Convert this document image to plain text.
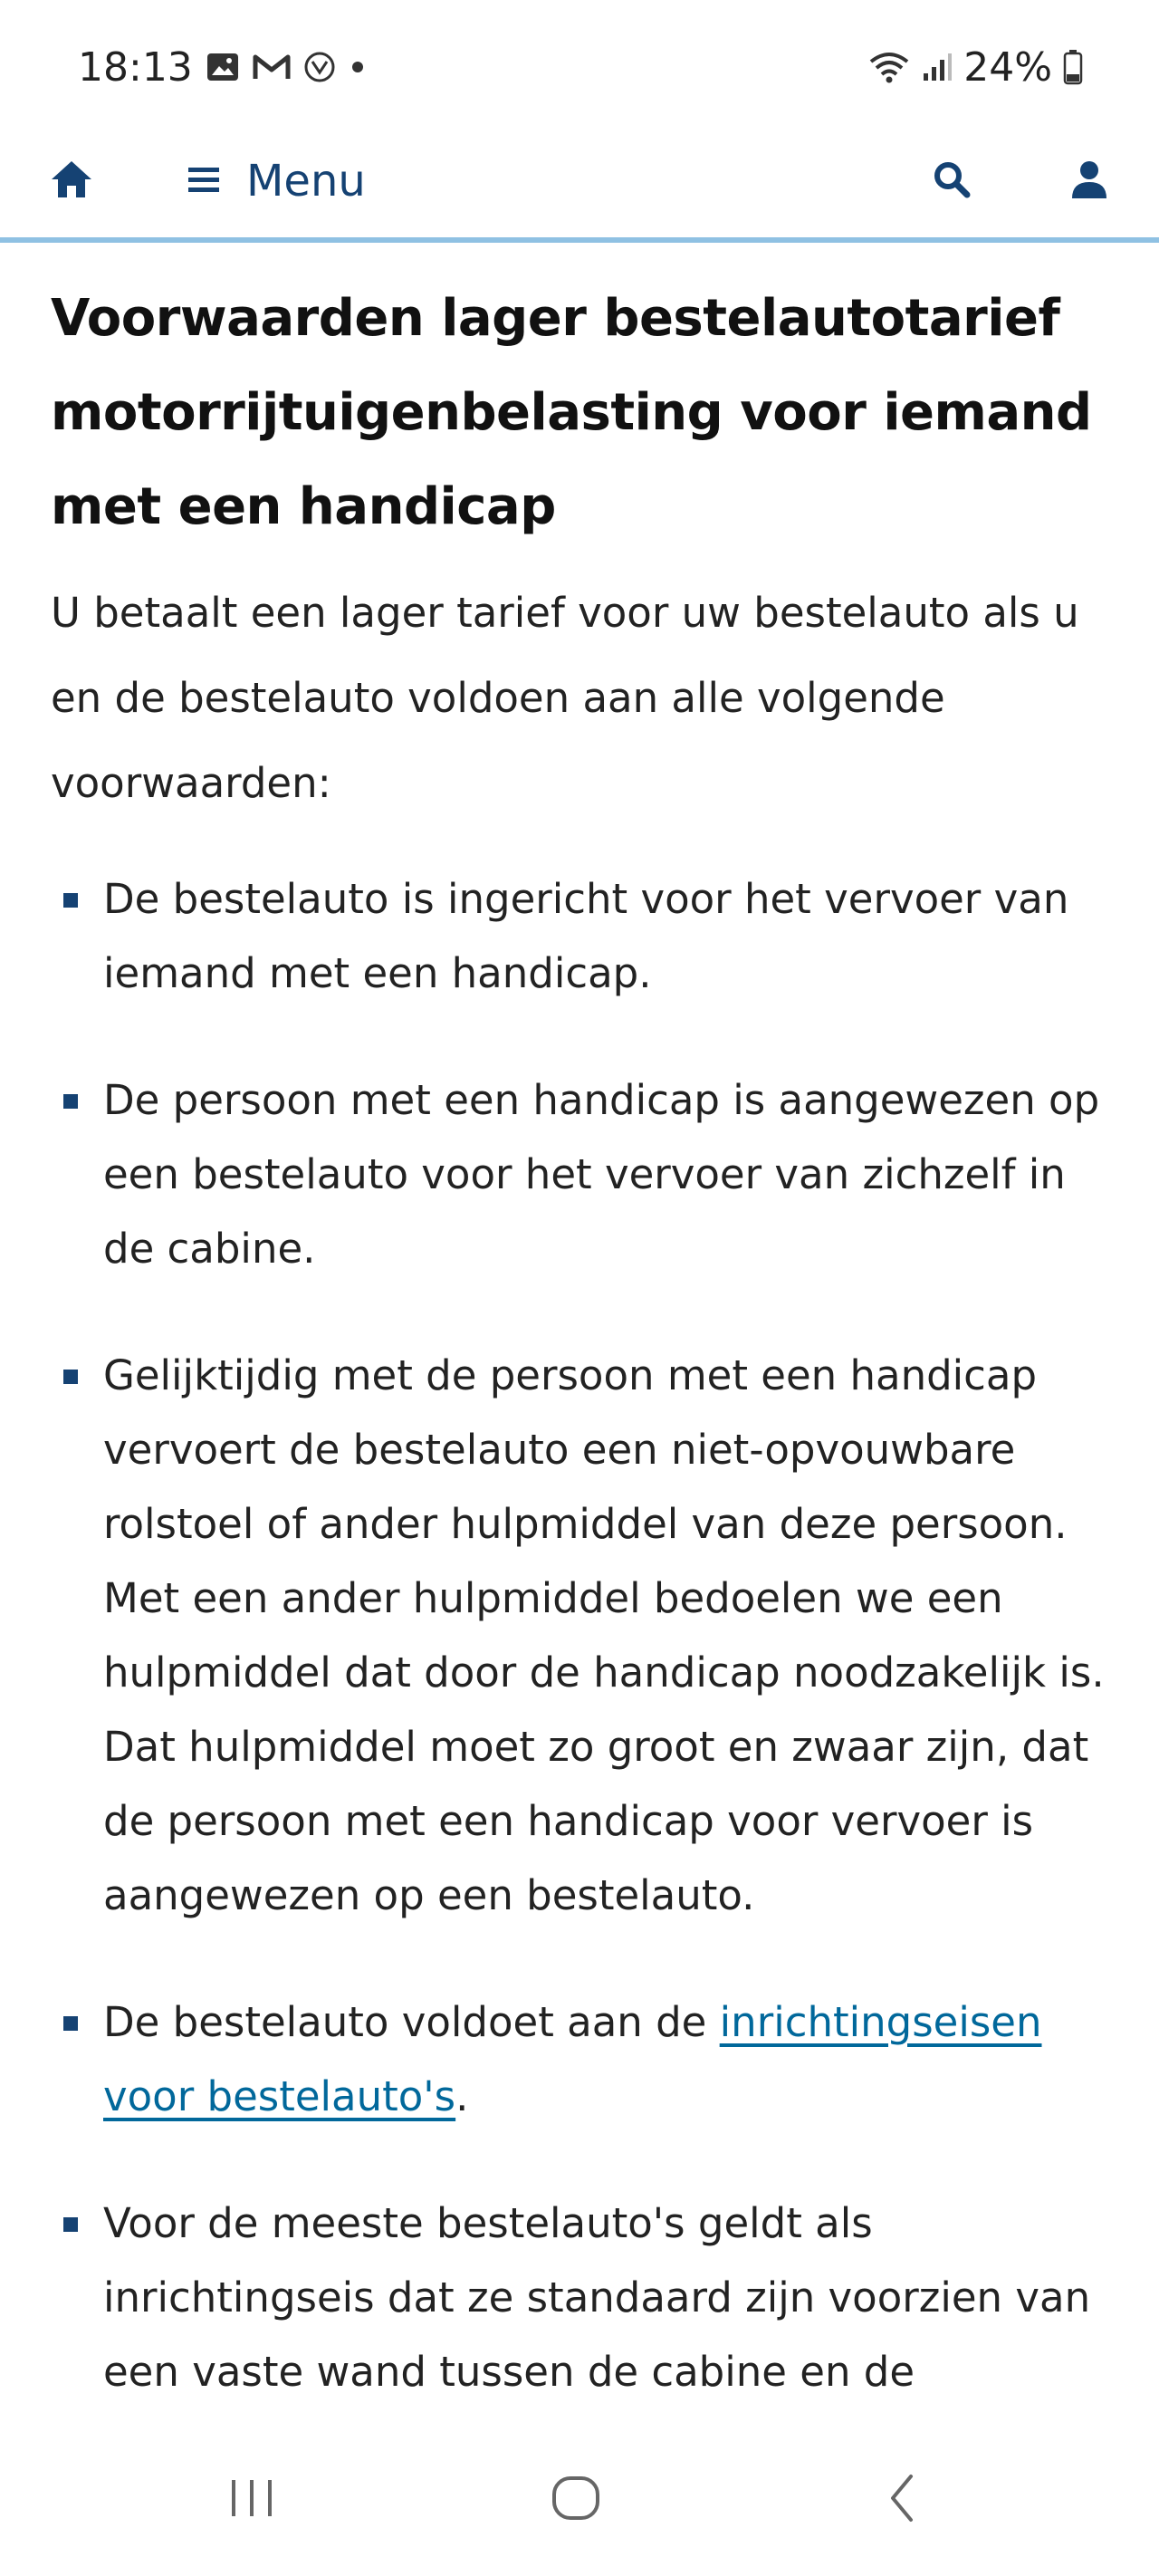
18:13	24%
Menu
Voorwaarden lager bestelautotarief motorrijtuigenbelasting voor iemand met een handicap

U betaalt een lager tarief voor uw bestelauto als u en de bestelauto voldoen aan alle volgende voorwaarden:

De bestelauto is ingericht voor het vervoer van iemand met een handicap.
De persoon met een handicap is aangewezen op een bestelauto voor het vervoer van zichzelf in de cabine.
Gelijktijdig met de persoon met een handicap vervoert de bestelauto een niet-opvouwbare rolstoel of ander hulpmiddel van deze persoon. Met een ander hulpmiddel bedoelen we een hulpmiddel dat door de handicap noodzakelijk is. Dat hulpmiddel moet zo groot en zwaar zijn, dat de persoon met een handicap voor vervoer is aangewezen op een bestelauto.
De bestelauto voldoet aan de inrichtingseisen voor bestelauto's.
Voor de meeste bestelauto's geldt als inrichtingseis dat ze standaard zijn voorzien van een vaste wand tussen de cabine en de
